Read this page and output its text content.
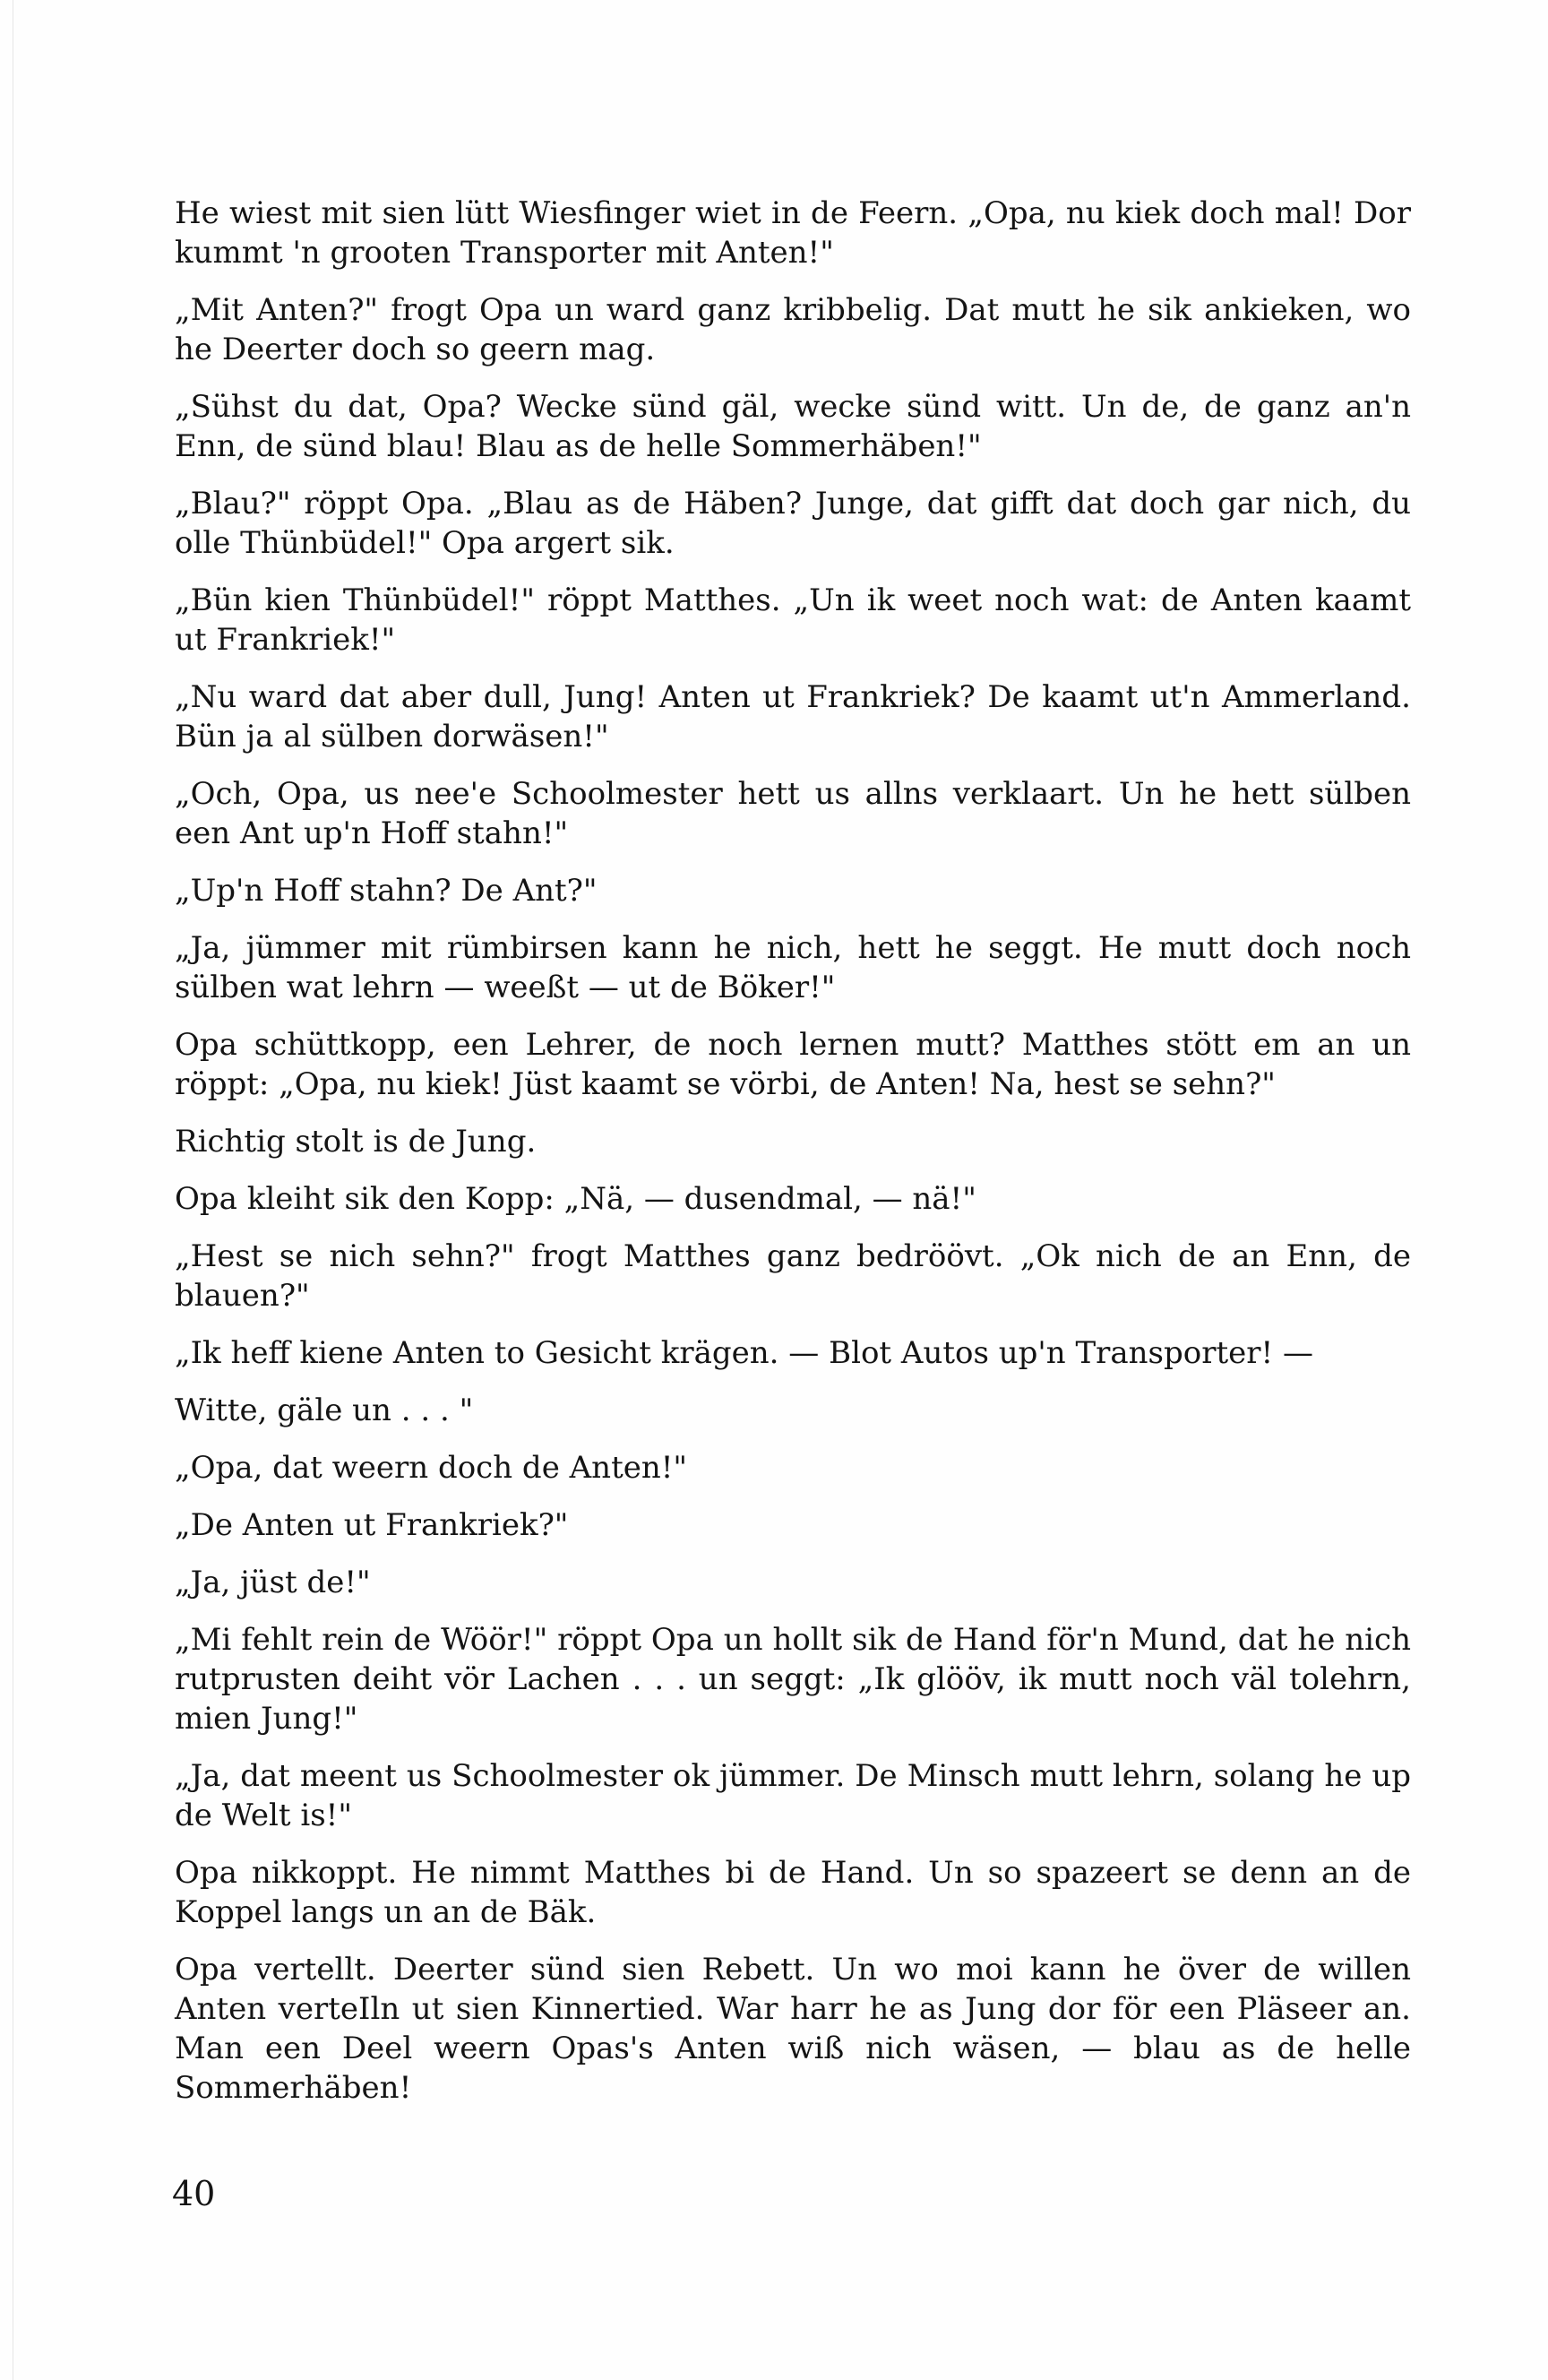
He wiest mit sien lütt Wiesfinger wiet in de Feern. „Opa, nu kiek doch mal! Dor kummt 'n grooten Transporter mit Anten!"

„Mit Anten?" frogt Opa un ward ganz kribbelig. Dat mutt he sik ankieken, wo he Deerter doch so geern mag.

„Sühst du dat, Opa? Wecke sünd gäl, wecke sünd witt. Un de, de ganz an'n Enn, de sünd blau! Blau as de helle Sommerhäben!"

„Blau?" röppt Opa. „Blau as de Häben? Junge, dat gifft dat doch gar nich, du olle Thünbüdel!" Opa argert sik.

„Bün kien Thünbüdel!" röppt Matthes. „Un ik weet noch wat: de Anten kaamt ut Frankriek!"

„Nu ward dat aber dull, Jung! Anten ut Frankriek? De kaamt ut'n Ammerland. Bün ja al sülben dorwäsen!"

„Och, Opa, us nee'e Schoolmester hett us allns verklaart. Un he hett sülben een Ant up'n Hoff stahn!"

„Up'n Hoff stahn? De Ant?"

„Ja, jümmer mit rümbirsen kann he nich, hett he seggt. He mutt doch noch sülben wat lehrn — weeßt — ut de Böker!"

Opa schüttkopp, een Lehrer, de noch lernen mutt? Matthes stött em an un röppt: „Opa, nu kiek! Jüst kaamt se vörbi, de Anten! Na, hest se sehn?"

Richtig stolt is de Jung.

Opa kleiht sik den Kopp: „Nä, — dusendmal, — nä!"

„Hest se nich sehn?" frogt Matthes ganz bedröövt. „Ok nich de an Enn, de blauen?"

„Ik heff kiene Anten to Gesicht krägen. — Blot Autos up'n Transporter! —

Witte, gäle un . . . "

„Opa, dat weern doch de Anten!"

„De Anten ut Frankriek?"

„Ja, jüst de!"

„Mi fehlt rein de Wöör!" röppt Opa un hollt sik de Hand för'n Mund, dat he nich rutprusten deiht vör Lachen . . . un seggt: „Ik glööv, ik mutt noch väl tolehrn, mien Jung!"

„Ja, dat meent us Schoolmester ok jümmer. De Minsch mutt lehrn, solang he up de Welt is!"

Opa nikkoppt. He nimmt Matthes bi de Hand. Un so spazeert se denn an de Koppel langs un an de Bäk.

Opa vertellt. Deerter sünd sien Rebett. Un wo moi kann he över de willen Anten verteIln ut sien Kinnertied. War harr he as Jung dor för een Pläseer an. Man een Deel weern Opas's Anten wiß nich wäsen, — blau as de helle Sommerhäben!

40
